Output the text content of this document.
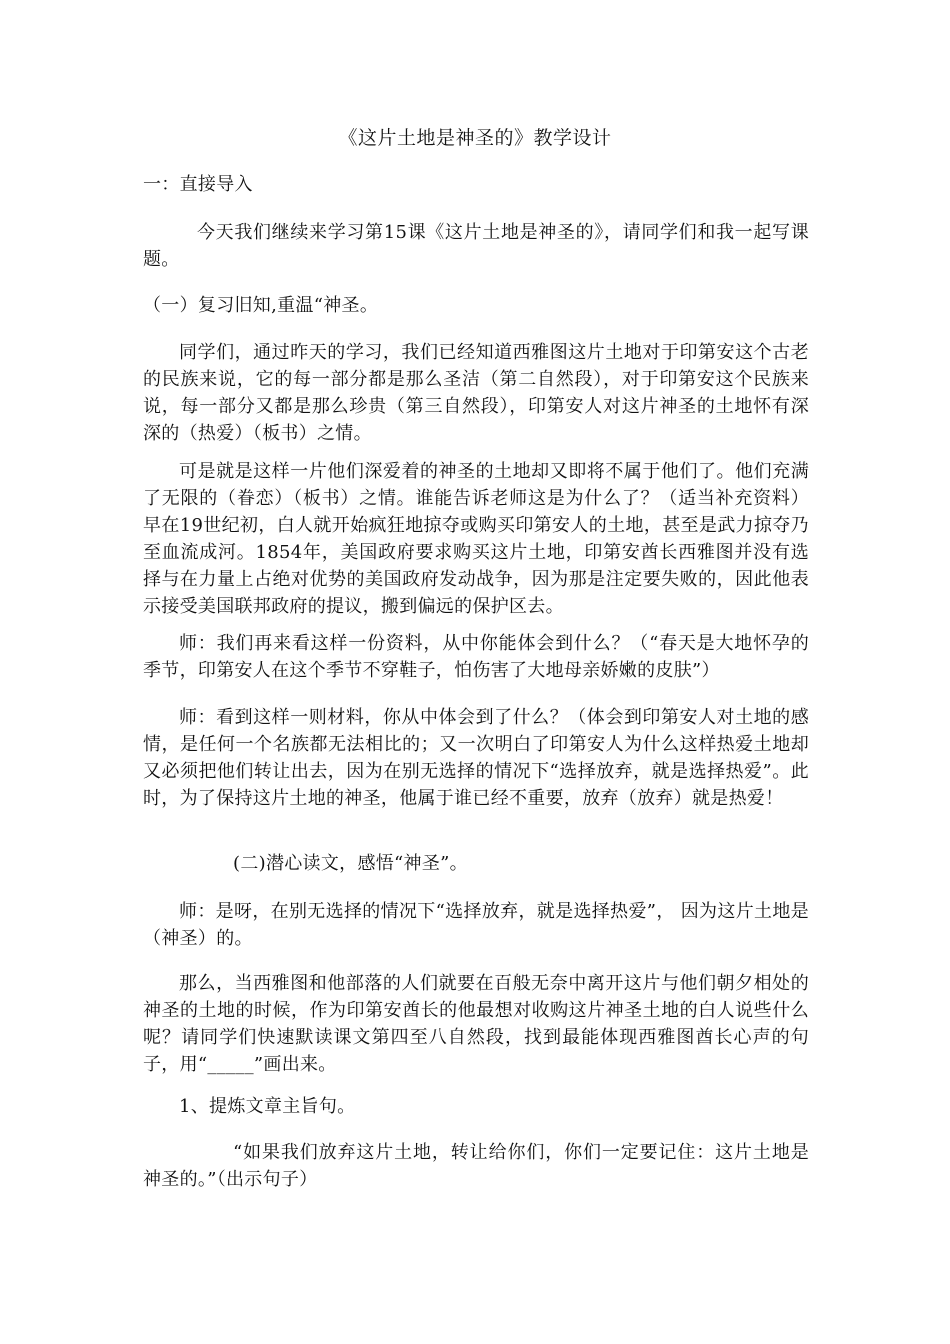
《这片土地是神圣的》教学设计
一：直接导入
今天我们继续来学习第15课《这片土地是神圣的》，请同学们和我一起写课题。
（一）复习旧知,重温“神圣。
同学们，通过昨天的学习，我们已经知道西雅图这片土地对于印第安这个古老的民族来说，它的每一部分都是那么圣洁（第二自然段），对于印第安这个民族来说，每一部分又都是那么珍贵（第三自然段），印第安人对这片神圣的土地怀有深深的（热爱）（板书）之情。
可是就是这样一片他们深爱着的神圣的土地却又即将不属于他们了。他们充满了无限的（眷恋）（板书）之情。谁能告诉老师这是为什么了？（适当补充资料）早在19世纪初，白人就开始疯狂地掠夺或购买印第安人的土地，甚至是武力掠夺乃至血流成河。1854年，美国政府要求购买这片土地，印第安酋长西雅图并没有选择与在力量上占绝对优势的美国政府发动战争，因为那是注定要失败的，因此他表示接受美国联邦政府的提议，搬到偏远的保护区去。
师：我们再来看这样一份资料，从中你能体会到什么？（“春天是大地怀孕的季节，印第安人在这个季节不穿鞋子，怕伤害了大地母亲娇嫩的皮肤”）
师：看到这样一则材料，你从中体会到了什么？（体会到印第安人对土地的感情，是任何一个名族都无法相比的；又一次明白了印第安人为什么这样热爱土地却又必须把他们转让出去，因为在别无选择的情况下“选择放弃，就是选择热爱”。此时，为了保持这片土地的神圣，他属于谁已经不重要，放弃（放弃）就是热爱！
(二)潜心读文，感悟“神圣”。
师：是呀，在别无选择的情况下“选择放弃，就是选择热爱”， 因为这片土地是（神圣）的。
那么，当西雅图和他部落的人们就要在百般无奈中离开这片与他们朝夕相处的神圣的土地的时候，作为印第安酋长的他最想对收购这片神圣土地的白人说些什么呢？请同学们快速默读课文第四至八自然段，找到最能体现西雅图酋长心声的句子，用“_____”画出来。
1、提炼文章主旨句。
“如果我们放弃这片土地，转让给你们，你们一定要记住：这片土地是神圣的。”（出示句子）
